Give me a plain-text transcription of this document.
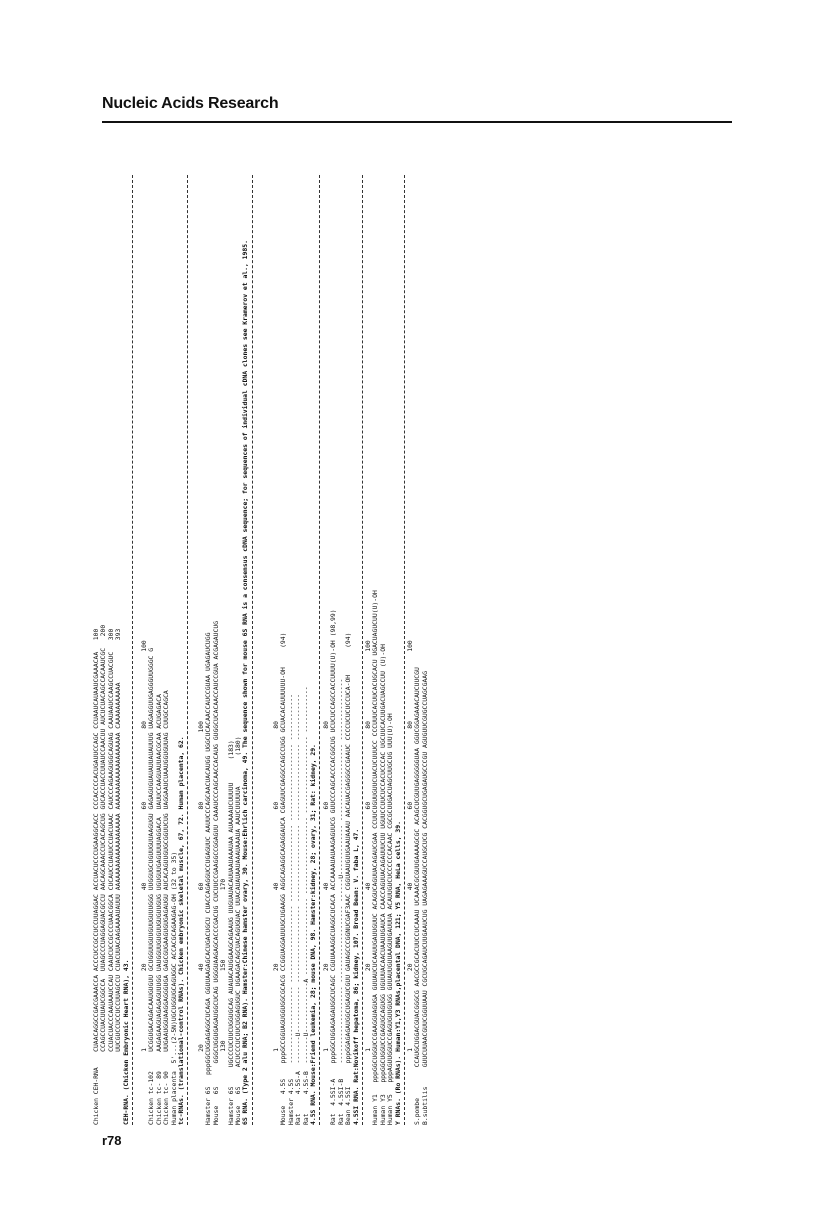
Nucleic Acids Research
r78
Chicken CEH-RNA    CUAACAGGCCGACGAAACCA ACCCUCCGCCUCCUUAGGAC ACCUACUCCCUGAAGGCACC CCCACCCCACUGAUUCCAGC CCUAAUCAUAAUCGAAACAA   100 CCAGCCUACUUAUCGGCCA  UUAGCCCUAGGAGUACGCCU AACAGCAAACCUCACAGCUG GUCACCUACCUUAUCCAACUU AUCUCUACAGCCACAAUCGC   200 CCUACUACCCAAUAAUCCAU CAAUCUCCGCCCUAACGGCA CUCAUCCUAUUCCUACUAAC CAUCCCAGAAGUGGCAGUAG CAAUAAUCCAAGCCUACGUC   300 UUCGUCCUCCUCCUUAGCCU CUACUUACAAGAAAAUAUUU AAAAAAAAAAAAAAAAAAAA AAAAAAAAAAAAAAAAAAAA CAAAAAAAAAAA           393 CEH-RNA. (Chicken Embryonic Heart RNA), 43. 1                    20                   40                   60                   80                  100 Chicken tc-102     UCGGUGACAGACAAUGUGUU GCUGGUUGUUGUUGUUUGGG UUGGUGCUGUUGUUAAGUGU GAGAGUGUAUAUUAUAUUUG UAGAGGUUGAGGGUUGGGC G Chicken tc- 89     AAGAGAAGUAGAGAGUUUGG UAUGGUUGUGUUGUGUUGUG UGUGUUGAGUUUUAGGACA  UAUUCCAAGUAUUAACGCAA ACUGAGACA Chicken tc- 90     UUGAAUGGUAAGGAGGGUGA GAGCGUGAAGUGUGAGAUGU AUCACAGUUGUGCGGUUCUG UAGGAAUCUAAUGGUGUUAG CUUGCCAGCA Human placenta  5'...(2-5N)UGCUGGUGCAGUGGC ACCACGCAGAAGAG-OH (32 to 35) tc-RNAs. (translational-control RNAs). Chicken embryonic skeletal muscle, 67, 72. Human placenta, 62. 20                   40                   60                   80                  100 Hamster 6S   pppGGCUGGAGAGGCUCAGA GGUUAAGAGCACUGACUGCU CUACCAGAGGUCCUGAGUUC AAUUCCCAGCAACUACAUGG UGGCUCACAACCAUCCGUAA UGAGAUCUGG Mouse   6S      GGGCUGGUGAGAUGGCUCAG UGGGUAAGAGCACCCGACUG CUCUUCCGAAGGCCGGAGUU CAAAUCCCAGCAACCACAUG GUGGCUCACAACCAUCCGUA ACGAGAUCUG 130                  150                  170 Hamster 6S     UGCCCUCUUCUGGUGCAG AUAUACAUGGAAGCAGAAUG UUGUAUACAUUAAUAAAUAA AUAAAAUCUUUUU      (183) Mouse   6S     ACUCCCUCUUCUGGAGUGUC UGAAGACAGCUACAGUGUAC UUACAUAUAAUAAAUAAAUA AAUCUUUUUA        (180) 6S RNA. (Type 2 alu RNA; B2 RNA). Hamster:Chinese hamster ovary, 30. Mouse:Ehrlich carcinoma, 49. The sequence shown for mouse 6S RNA is a consensus cDNA sequence; for sequences of individual cDNA clones see Kramerov et al., 1985.	1                    20                   40                   60                   80 Mouse   4.5S    pppGCCGGUAGUGGUGGCGCACG CCGGUAGGAUUUGCUGAAGG AGGCAGAGGCAGAGGAUCA CGAGUUCGAGGCCAGCCUGG GCUACACAUUUUUU-OH     (94) Hamster 4.5S    -------------------- -------------------- -------------------- -------------------- ------------ Rat     4.5S-A  -------U------------ -------------------- -------------------- -------------------- ------------ Rat     4.5S-B  -------U-------------A -------------------- -------------------- -------------------- ------------ 4.5S RNA. Mouse:Friend leukemia, 28; mouse DNA, 98. Hamster:kidney, 28; ovary, 31; Rat: kidney, 29. 1                    20                   40                   60                   80 Rat  4.5SI-A    pppGGCUGGAGAGAUGGCUCAGC CGUUAAAGGCUAGGCUCACA ACCAAAAUAUAAGAGUUCG GUUCCCAGCACCCACGGCUG UCUCUCCAGCCACCUUUU(U)-OH (98,99) Rat  4.5SI-B    -------------------- -------------------- ------U------------- -------------------- ---------------- Bean 4.5SI      pppGGAGAGAUGGCUGAGUCGUU GAUAGCCCGGNUCGAF3AAC CGGUAAUGUUGAAUAAAU AACAUACGAGGGCCGAAUC CCCCUCUCUCCUCA-OH       (94) 4.5SI RNA. Rat:Novikoff hepatoma, 86; kidney, 107. Broad Bean: V. faba L, 47. 1                    20                   40                   60                   80                  100 Human Y1   pppGGCUGGUCCGAAGGUAGUGA GUUAUCUCAAUUGAUUGUUC ACAGUCAGUUACAGAUCGAA CCUUCUGUUGUUCUACUCUUUCC CCCUUUCACUUCACUGCACU UGACUAGUCUU(U)-OH Human Y3   pppGGCUGGUCCGAGUGCAGUGG UGUUUACAACUAAUUGAUCA CAACCAGUUACAGAUUUCUU UGUUCCUUCUCCACUCCCAC UGCUUCACUUGACUAGCCUU (U)-OH Human Y5   pppAGUUGGUCCGAGUGUUGUGG GUUAUUGUUAAGUUGAUUUA ACAUUGUCUCCCCCCACAAC CGCGCUUGACUAGCUUGCUG UUU(U)-OH Y RNAs. (Ro RNAs). Human:Y1,Y3 RNAs,placental DNA, 121; Y5 RNA, HeLa cells, 39. 1                    20                   40                   60                   80                  100 S.pombe        CCAUGCUGGACGUACGGGCG AACGCCGCACUUCCUCAAAU UCAAACGCGUUGAAAAGCGC ACAGCUCGUUGAGGGGGUAA GGUCGGAGAAACAUCUUCGU B.subtilis     GUUCUUAACGUUCGGUUAAU CGCUGCAGAUCUUGAAUCUG UAGAGAAAGUCCAUGCUCG CACGGUGCUGAGAUGCCCGU AGUGUUCGUGCCUAGCGAAG
